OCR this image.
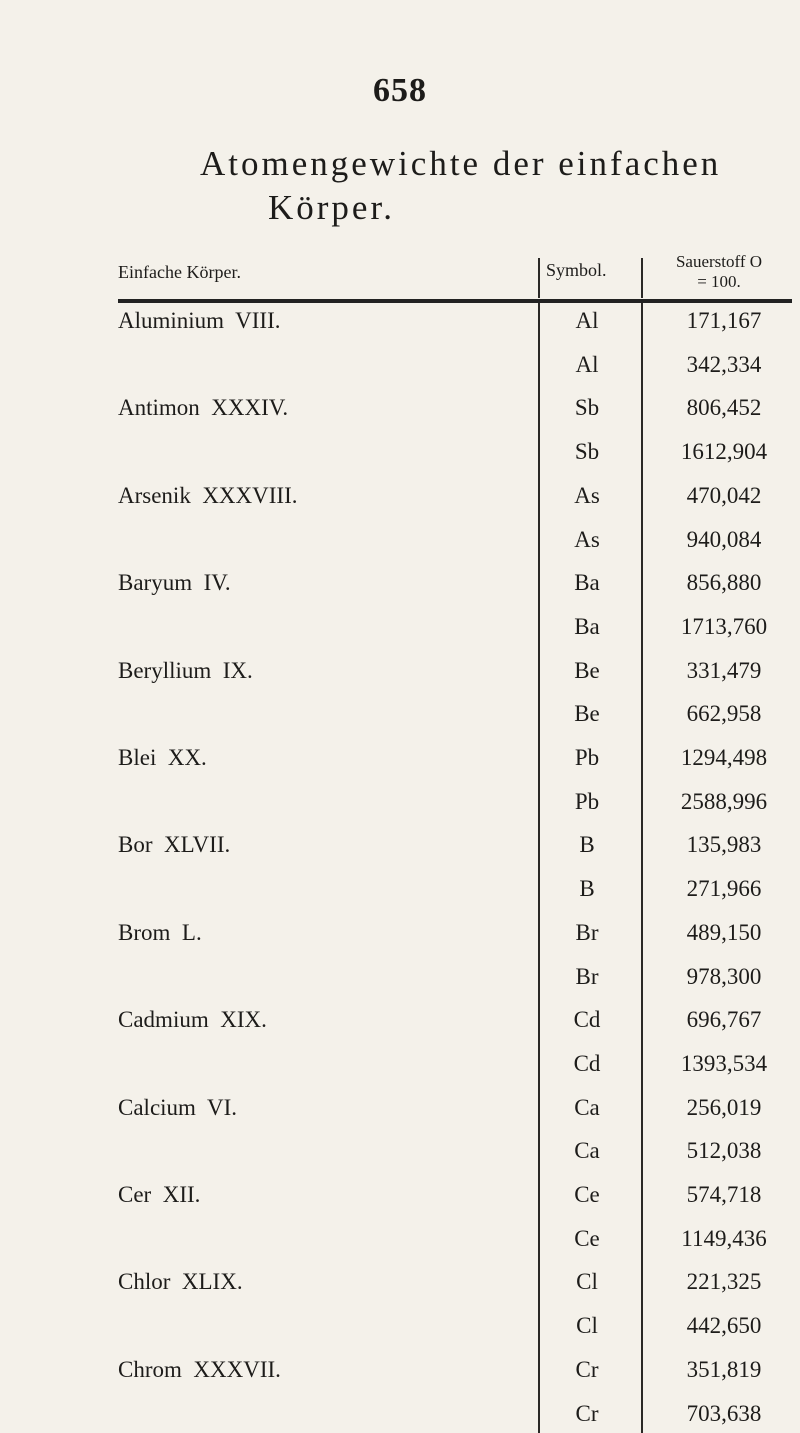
658
Atomengewichte der einfachen
Körper.
Einfache Körper.	Symbol.	Sauerstoff O
= 100.
Aluminium  VIII.	Al	171,167
Al	342,334
Antimon  XXXIV.	Sb	806,452
Sb	1612,904
Arsenik  XXXVIII.	As	470,042
As	940,084
Baryum  IV.	Ba	856,880
Ba	1713,760
Beryllium  IX.	Be	331,479
Be	662,958
Blei  XX.	Pb	1294,498
Pb	2588,996
Bor  XLVII.	B	135,983
B	271,966
Brom  L.	Br	489,150
Br	978,300
Cadmium  XIX.	Cd	696,767
Cd	1393,534
Calcium  VI.	Ca	256,019
Ca	512,038
Cer  XII.	Ce	574,718
Ce	1149,436
Chlor  XLIX.	Cl	221,325
Cl	442,650
Chrom  XXXVII.	Cr	351,819
Cr	703,638
